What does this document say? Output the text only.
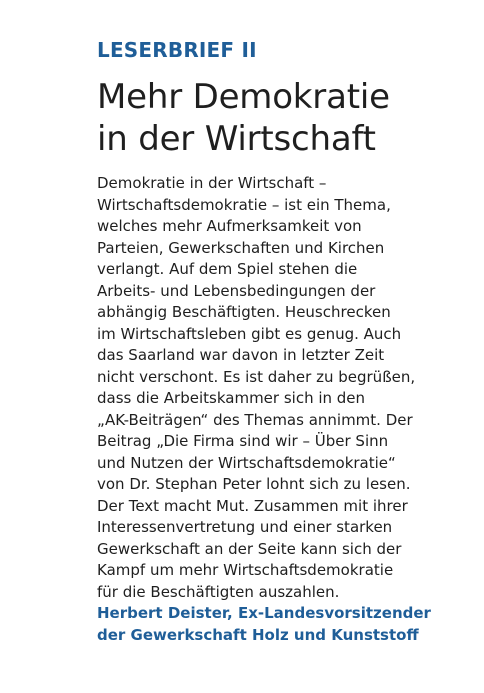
LESERBRIEF II
Mehr Demokratie
in der Wirtschaft

Demokratie in der Wirtschaft –
Wirtschaftsdemokratie – ist ein Thema,
welches mehr Aufmerksamkeit von
Parteien, Gewerkschaften und Kirchen
verlangt. Auf dem Spiel stehen die
Arbeits- und Lebensbedingungen der
abhängig Beschäftigten. Heuschrecken
im Wirtschaftsleben gibt es genug. Auch
das Saarland war davon in letzter Zeit
nicht verschont. Es ist daher zu begrüßen,
dass die Arbeitskammer sich in den
„AK-Beiträgen“ des Themas annimmt. Der
Beitrag „Die Firma sind wir – Über Sinn
und Nutzen der Wirtschaftsdemokratie“
von Dr. Stephan Peter lohnt sich zu lesen.
Der Text macht Mut. Zusammen mit ihrer
Interessenvertretung und einer starken
Gewerkschaft an der Seite kann sich der
Kampf um mehr Wirtschaftsdemokratie
für die Beschäftigten auszahlen.

Herbert Deister, Ex-Landesvorsitzender
der Gewerkschaft Holz und Kunststoff
